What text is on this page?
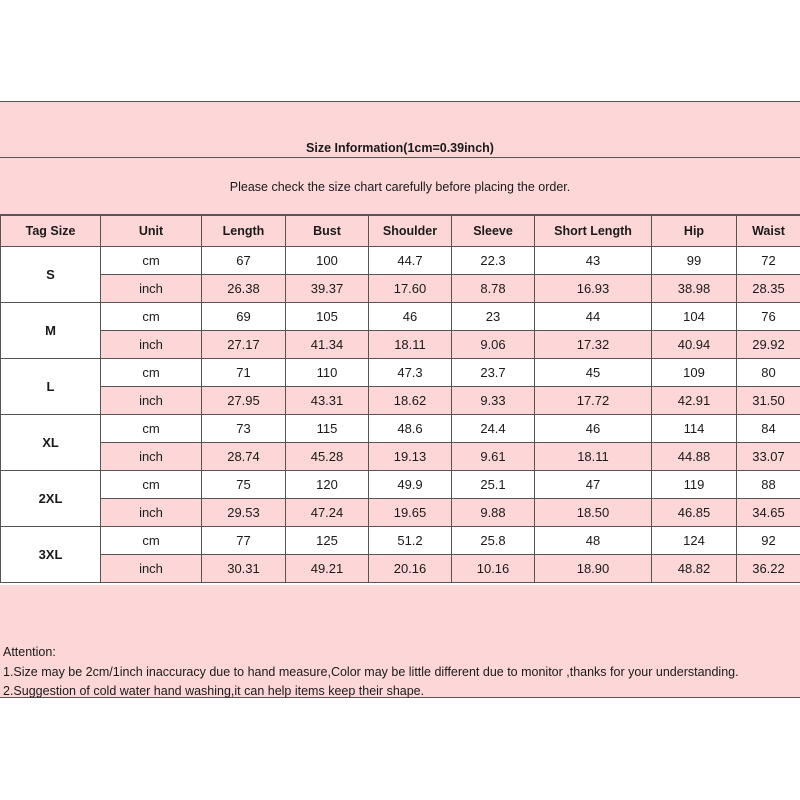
Size Information(1cm=0.39inch)
Please check the size chart carefully before placing the order.
Tag Size	Unit	Length	Bust	Shoulder	Sleeve	Short Length	Hip	Waist
S	cm	67	100	44.7	22.3	43	99	72
	inch	26.38	39.37	17.60	8.78	16.93	38.98	28.35
M	cm	69	105	46	23	44	104	76
	inch	27.17	41.34	18.11	9.06	17.32	40.94	29.92
L	cm	71	110	47.3	23.7	45	109	80
	inch	27.95	43.31	18.62	9.33	17.72	42.91	31.50
XL	cm	73	115	48.6	24.4	46	114	84
	inch	28.74	45.28	19.13	9.61	18.11	44.88	33.07
2XL	cm	75	120	49.9	25.1	47	119	88
	inch	29.53	47.24	19.65	9.88	18.50	46.85	34.65
3XL	cm	77	125	51.2	25.8	48	124	92
	inch	30.31	49.21	20.16	10.16	18.90	48.82	36.22
Attention:
1.Size may be 2cm/1inch inaccuracy due to hand measure,Color may be little different due to monitor ,thanks for your understanding.
2.Suggestion of cold water hand washing,it can help items keep their shape.
